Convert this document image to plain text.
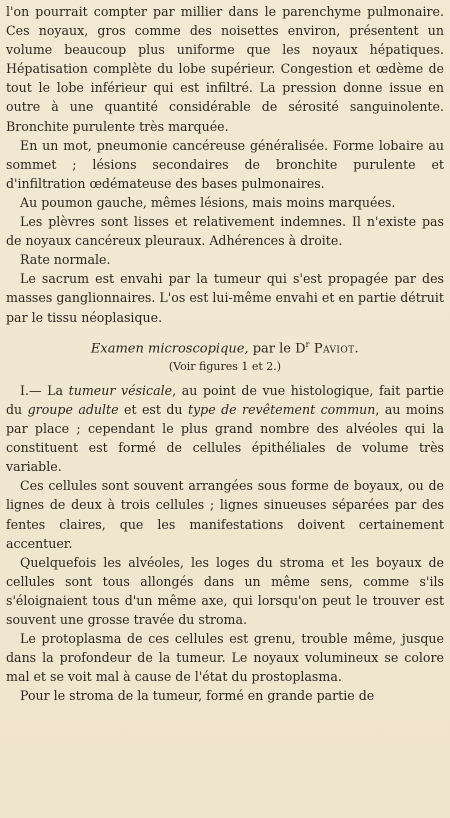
l'on pourrait compter par millier dans le parenchyme pulmonaire. Ces noyaux, gros comme des noisettes environ, présentent un volume beaucoup plus uniforme que les noyaux hépatiques. Hépatisation complète du lobe supérieur. Congestion et œdème de tout le lobe inférieur qui est infiltré. La pression donne issue en outre à une quantité considérable de sérosité sanguinolente. Bronchite purulente très marquée.

En un mot, pneumonie cancéreuse généralisée. Forme lobaire au sommet ; lésions secondaires de bronchite purulente et d'infiltration œdémateuse des bases pulmonaires.

Au poumon gauche, mêmes lésions, mais moins marquées.

Les plèvres sont lisses et relativement indemnes. Il n'existe pas de noyaux cancéreux pleuraux. Adhérences à droite.

Rate normale.

Le sacrum est envahi par la tumeur qui s'est propagée par des masses ganglionnaires. L'os est lui-même envahi et en partie détruit par le tissu néoplasique.

Examen microscopique, par le $D^r$ Paviot.
(Voir figures 1 et 2.)

I.— La tumeur vésicale, au point de vue histologique, fait partie du groupe adulte et est du type de revêtement commun, au moins par place ; cependant le plus grand nombre des alvéoles qui la constituent est formé de cellules épithéliales de volume très variable.

Ces cellules sont souvent arrangées sous forme de boyaux, ou de lignes de deux à trois cellules ; lignes sinueuses séparées par des fentes claires, que les manifestations doivent certainement accentuer.

Quelquefois les alvéoles, les loges du stroma et les boyaux de cellules sont tous allongés dans un même sens, comme s'ils s'éloignaient tous d'un même axe, qui lorsqu'on peut le trouver est souvent une grosse travée du stroma.

Le protoplasma de ces cellules est grenu, trouble même, jusque dans la profondeur de la tumeur. Le noyaux volumineux se colore mal et se voit mal à cause de l'état du prostoplasma.

Pour le stroma de la tumeur, formé en grande partie de
